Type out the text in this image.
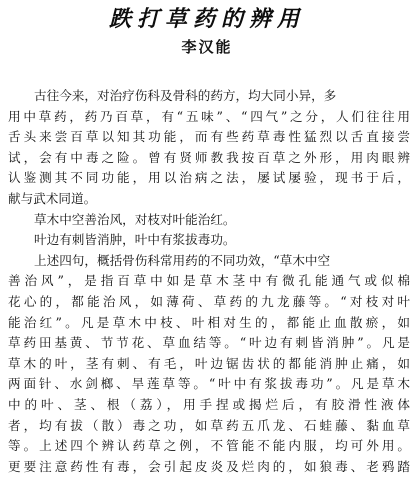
跌打草药的辨用
李汉能
古往今来，对治疗伤科及骨科的药方，均大同小异，多
用中草药，药乃百草，有“五味”、“四气”之分，人们往往用
舌头来尝百草以知其功能，而有些药草毒性猛烈以舌直接尝
试，会有中毒之险。曾有贤师教我按百草之外形，用肉眼辨
认鉴测其不同功能，用以治病之法，屡试屡验，现书于后，
献与武术同道。
草木中空善治风，对枝对叶能治红。
叶边有刺皆消肿，叶中有浆拔毒功。
上述四句，概括骨伤科常用药的不同功效，“草木中空
善治风”，是指百草中如是草木茎中有微孔能通气或似棉
花心的，都能治风，如薄荷、草药的九龙藤等。“对枝对叶
能治红”。凡是草木中枝、叶相对生的，都能止血散瘀，如
草药田基黄、节节花、草血结等。“叶边有刺皆消肿”。凡是
草木的叶，茎有刺、有毛，叶边锯齿状的都能消肿止痛，如
两面针、水剑榔、旱莲草等。“叶中有浆拔毒功”。凡是草木
中的叶、茎、根（荔），用手捏或揭烂后，有胶滑性液体
者，均有拔（散）毒之功，如草药五爪龙、石蛙藤、黏血草
等。上述四个辨认药草之例，不管能不能内服，均可外用。
更要注意药性有毒，会引起皮炎及烂肉的，如狼毒、老鸦踏
